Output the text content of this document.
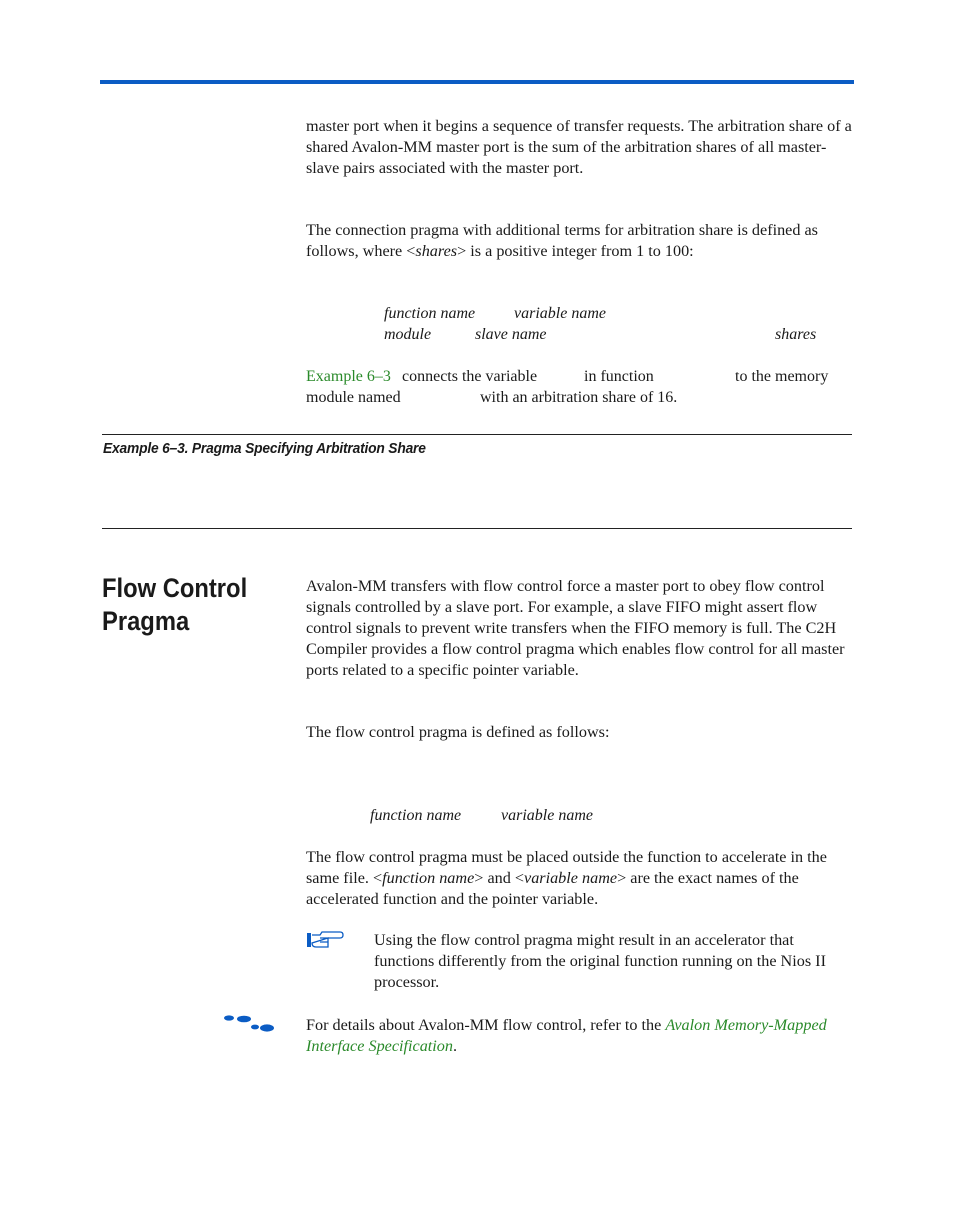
master port when it begins a sequence of transfer requests. The arbitration share of a shared Avalon-MM master port is the sum of the arbitration shares of all master-slave pairs associated with the master port.

The connection pragma with additional terms for arbitration share is defined as follows, where <shares> is a positive integer from 1 to 100:

function name variable name
module	slave name	shares
Example 6–3 connects the variable	in function	to the memory
module named	with an arbitration share of 16.
Example 6–3. Pragma Specifying Arbitration Share
Flow Control
Pragma

Avalon-MM transfers with flow control force a master port to obey flow control signals controlled by a slave port. For example, a slave FIFO might assert flow control signals to prevent write transfers when the FIFO memory is full. The C2H Compiler provides a flow control pragma which enables flow control for all master ports related to a specific pointer variable.

The flow control pragma is defined as follows:

function name variable name

The flow control pragma must be placed outside the function to accelerate in the same file. <function name> and <variable name> are the exact names of the accelerated function and the pointer variable.

Using the flow control pragma might result in an accelerator that functions differently from the original function running on the Nios II processor.

For details about Avalon-MM flow control, refer to the Avalon Memory-Mapped Interface Specification.
